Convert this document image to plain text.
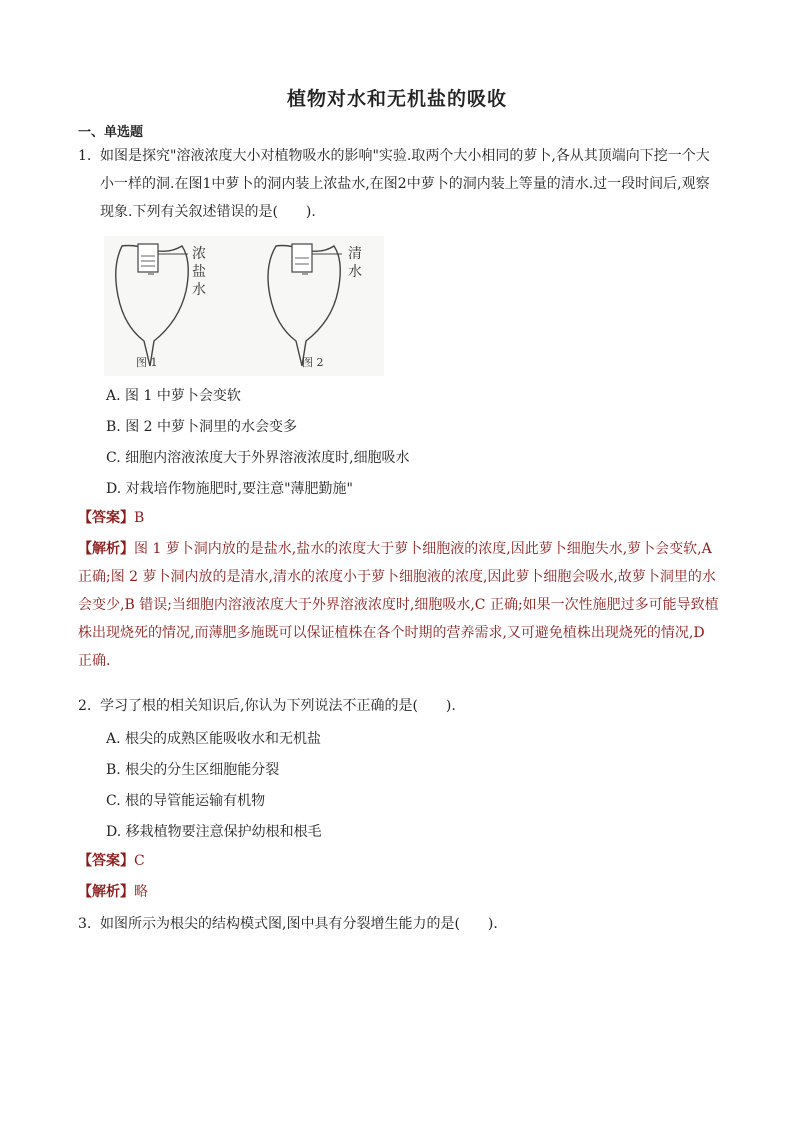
植物对水和无机盐的吸收
一、单选题
1. 如图是探究"溶液浓度大小对植物吸水的影响"实验.取两个大小相同的萝卜,各从其顶端向下挖一个大小一样的洞.在图1中萝卜的洞内装上浓盐水,在图2中萝卜的洞内装上等量的清水.过一段时间后,观察现象.下列有关叙述错误的是(　　).
浓
盐
水
图 1
清
水
图 2
A. 图 1 中萝卜会变软
B. 图 2 中萝卜洞里的水会变多
C. 细胞内溶液浓度大于外界溶液浓度时,细胞吸水
D. 对栽培作物施肥时,要注意"薄肥勤施"
【答案】B
【解析】图 1 萝卜洞内放的是盐水,盐水的浓度大于萝卜细胞液的浓度,因此萝卜细胞失水,萝卜会变软,A 正确;图 2 萝卜洞内放的是清水,清水的浓度小于萝卜细胞液的浓度,因此萝卜细胞会吸水,故萝卜洞里的水会变少,B 错误;当细胞内溶液浓度大于外界溶液浓度时,细胞吸水,C 正确;如果一次性施肥过多可能导致植株出现烧死的情况,而薄肥多施既可以保证植株在各个时期的营养需求,又可避免植株出现烧死的情况,D 正确.
2. 学习了根的相关知识后,你认为下列说法不正确的是(　　).
A. 根尖的成熟区能吸收水和无机盐
B. 根尖的分生区细胞能分裂
C. 根的导管能运输有机物
D. 移栽植物要注意保护幼根和根毛
【答案】C
【解析】略
3. 如图所示为根尖的结构模式图,图中具有分裂增生能力的是(　　).
